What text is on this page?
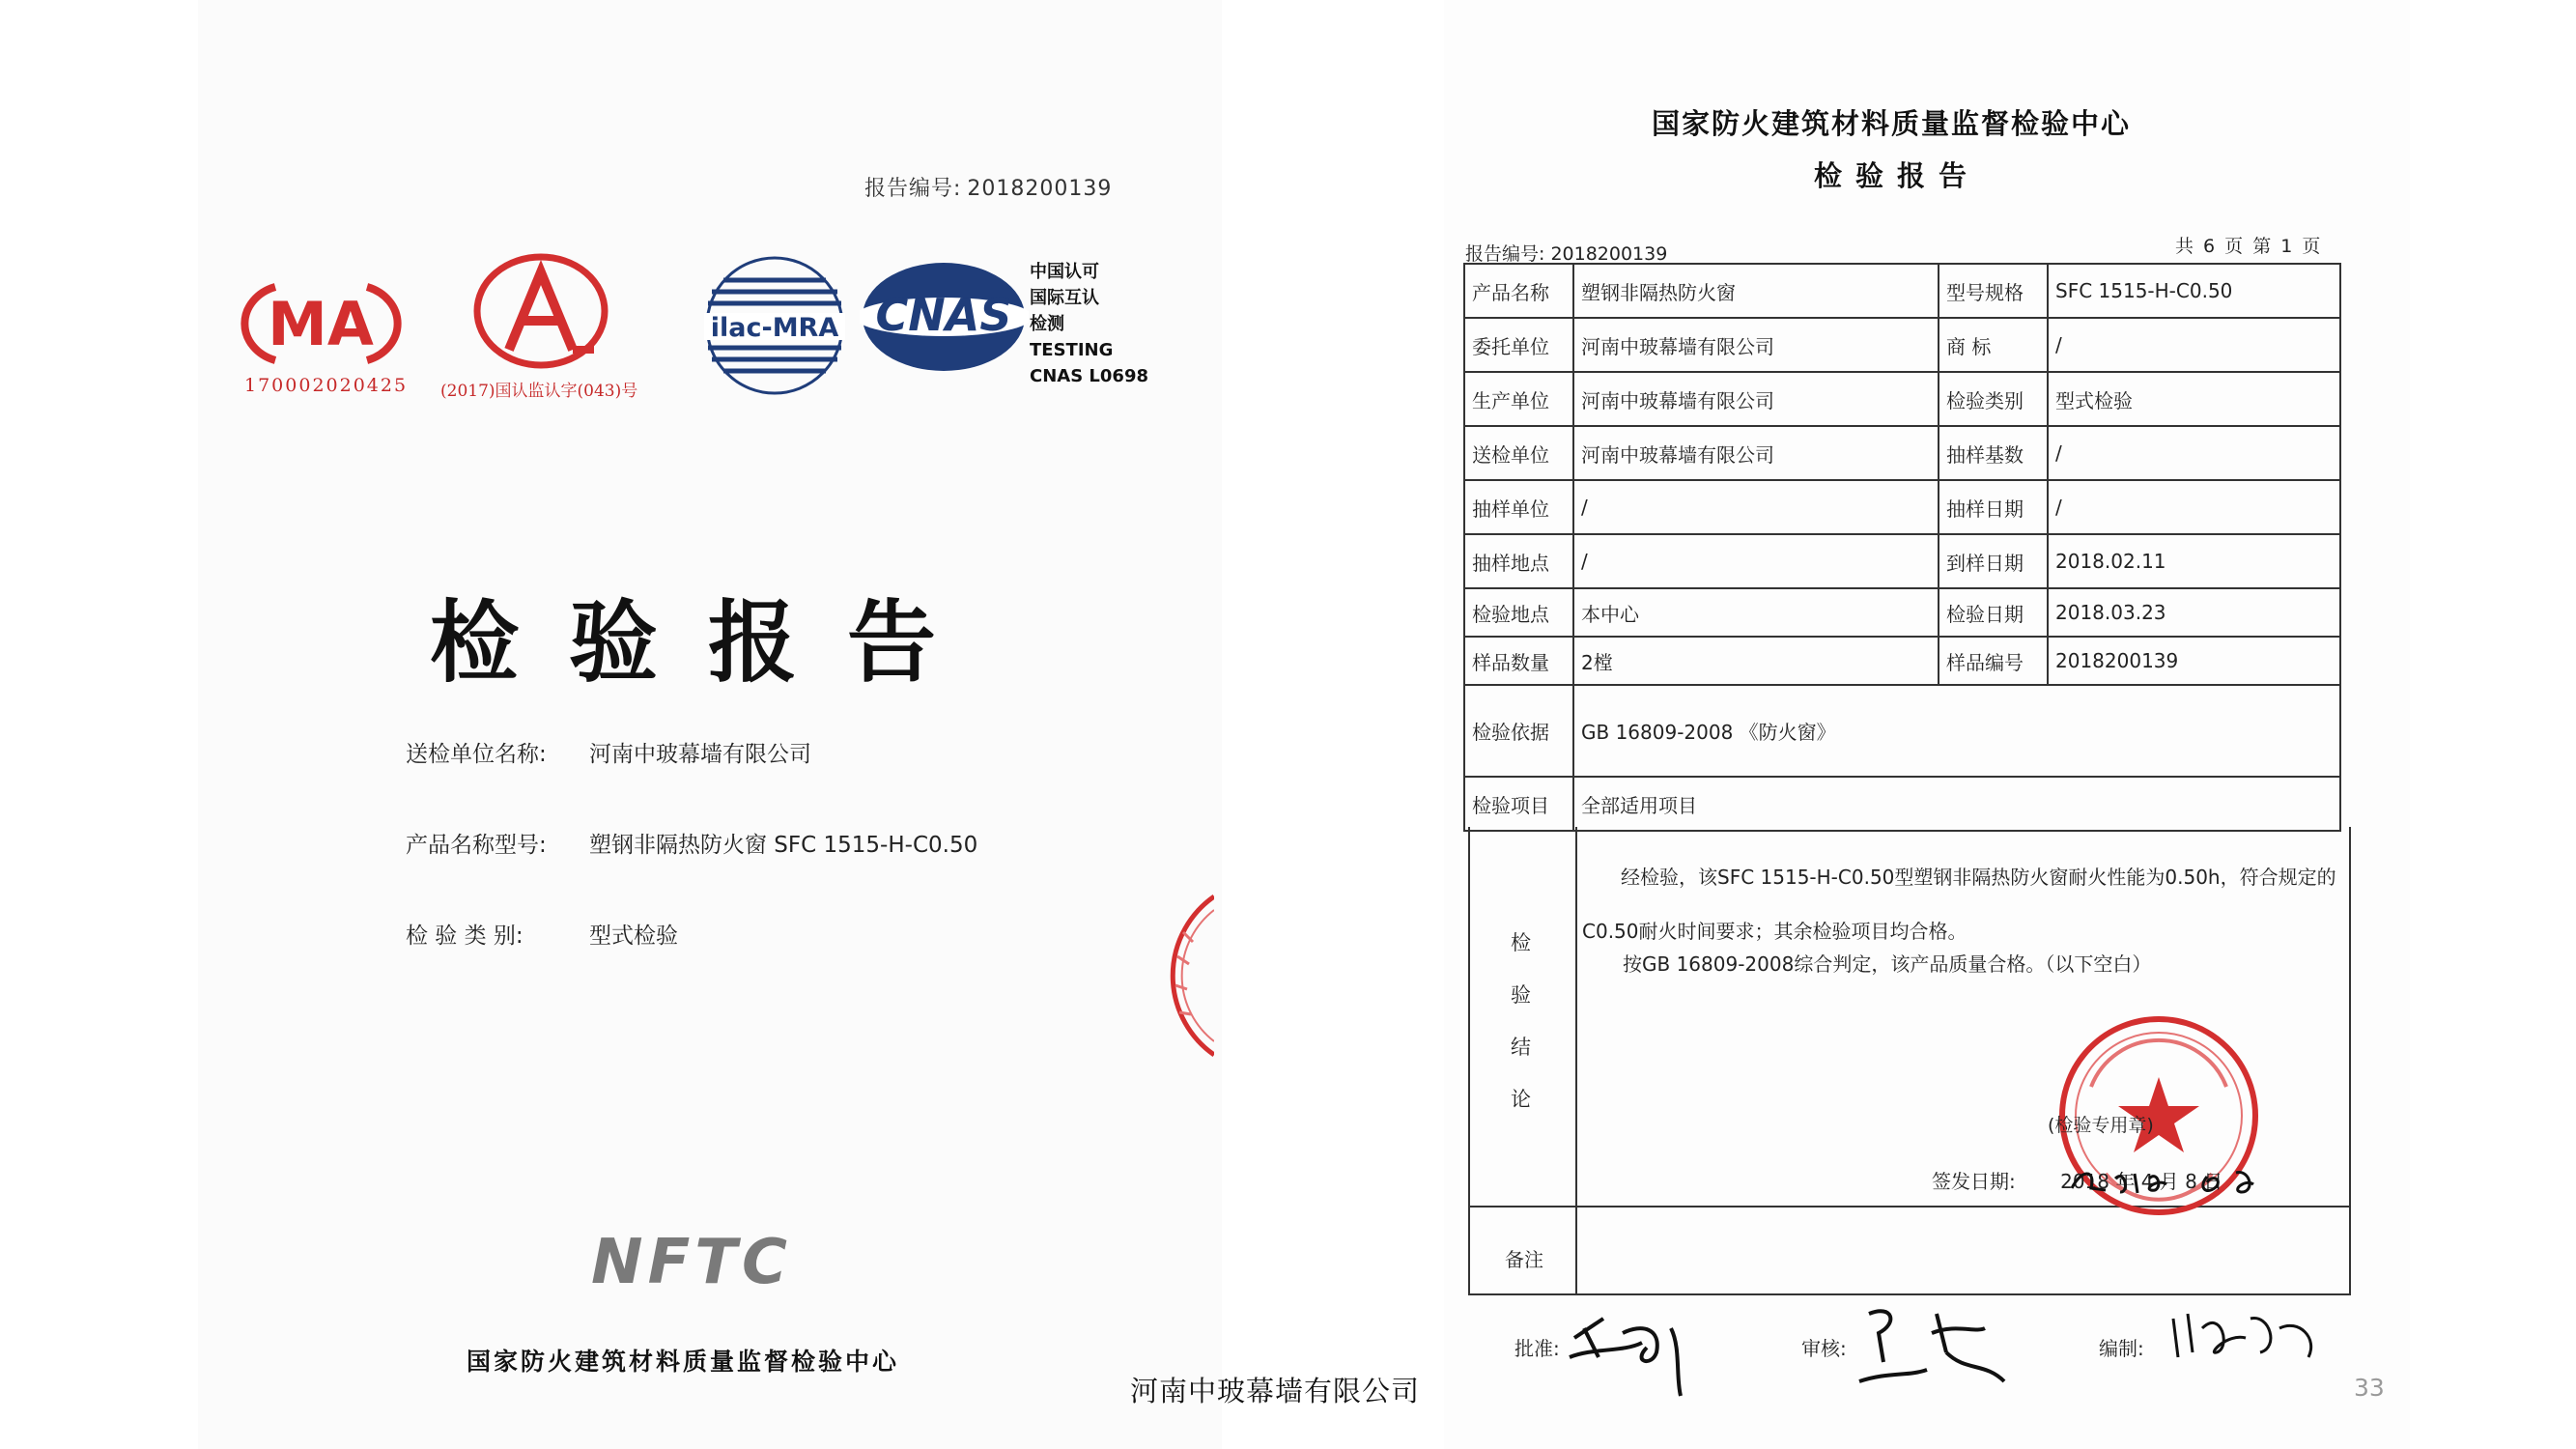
报告编号: 2018200139
MA
170002020425 (2017)国认监认字(043)号
ilac-MRA CNAS
中国认可
国际互认
检测
TESTING
CNAS L0698
检验报告
送检单位名称: 河南中玻幕墙有限公司
产品名称型号: 塑钢非隔热防火窗 SFC 1515-H-C0.50
检 验 类 别:	型式检验
NFTC
国家防火建筑材料质量监督检验中心
国家防火建筑材料质量监督检验中心
检验报告
报告编号: 2018200139	共 6 页 第 1 页
产品名称	塑钢非隔热防火窗	型号规格	SFC 1515-H-C0.50
委托单位	河南中玻幕墙有限公司	商 标	/
生产单位	河南中玻幕墙有限公司	检验类别	型式检验
送检单位	河南中玻幕墙有限公司	抽样基数	/
抽样单位	/	抽样日期	/
抽样地点	/	到样日期	2018.02.11
检验地点	本中心	检验日期	2018.03.23
样品数量	2樘	样品编号	2018200139
检验依据	GB 16809-2008 《防火窗》		
检验项目	全部适用项目		
检
验
结
论
经检验，该SFC 1515-H-C0.50型塑钢非隔热防火窗耐火性能为0.50h，符合规定的C0.50耐火时间要求；其余检验项目均合格。
按GB 16809-2008综合判定，该产品质量合格。（以下空白）
(检验专用章)
签发日期: 2018 年 4 月 8 日
备注
批准:	审核:	编制:
河南中玻幕墙有限公司	33
